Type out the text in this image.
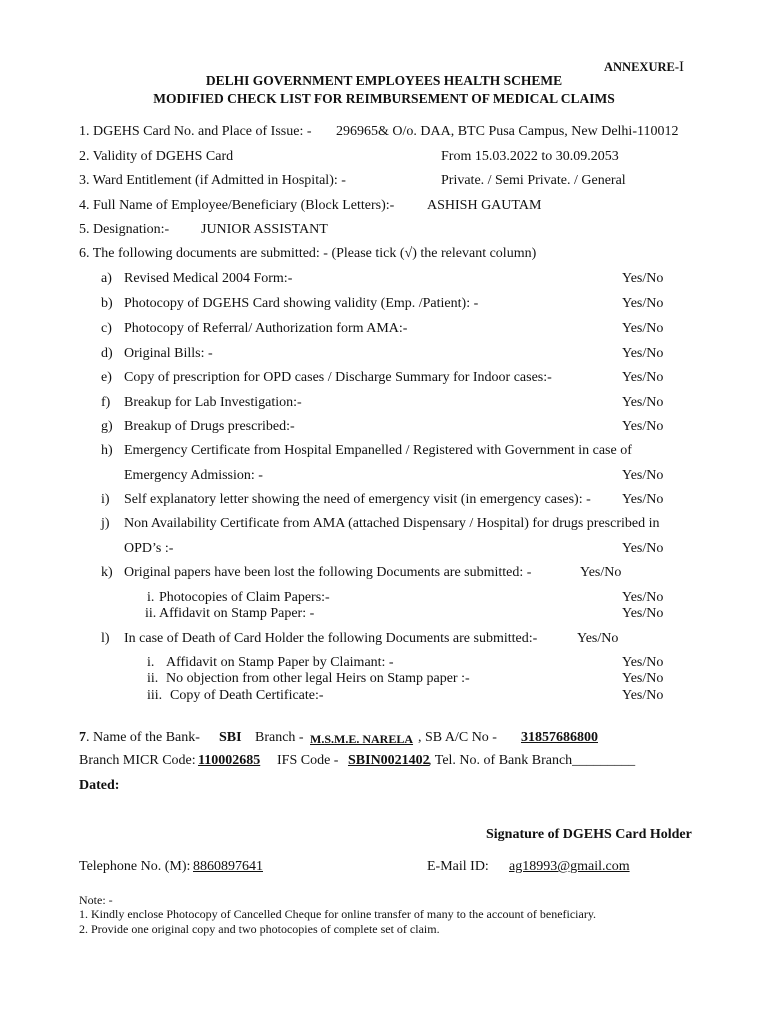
ANNEXURE-I
DELHI GOVERNMENT EMPLOYEES HEALTH SCHEME
MODIFIED CHECK LIST FOR REIMBURSEMENT OF MEDICAL CLAIMS
1. DGEHS Card No. and Place of Issue: - 296965& O/o. DAA, BTC Pusa Campus, New Delhi-110012
2. Validity of DGEHS Card	From 15.03.2022 to 30.09.2053
3. Ward Entitlement (if Admitted in Hospital): -	Private. / Semi Private. / General
4. Full Name of Employee/Beneficiary (Block Letters):- ASHISH GAUTAM
5. Designation:- JUNIOR ASSISTANT
6. The following documents are submitted: - (Please tick (√) the relevant column)
a) Revised Medical 2004 Form:-	Yes/No
b) Photocopy of DGEHS Card showing validity (Emp. /Patient): -	Yes/No
c) Photocopy of Referral/ Authorization form AMA:-	Yes/No
d) Original Bills: -	Yes/No
e) Copy of prescription for OPD cases / Discharge Summary for Indoor cases:-	Yes/No
f) Breakup for Lab Investigation:-	Yes/No
g) Breakup of Drugs prescribed:-	Yes/No
h) Emergency Certificate from Hospital Empanelled / Registered with Government in case of
Emergency Admission: -	Yes/No
i) Self explanatory letter showing the need of emergency visit (in emergency cases): - Yes/No
j) Non Availability Certificate from AMA (attached Dispensary / Hospital) for drugs prescribed in
OPD’s :-	Yes/No
k) Original papers have been lost the following Documents are submitted: -	Yes/No
i. Photocopies of Claim Papers:-	Yes/No
ii. Affidavit on Stamp Paper: -	Yes/No
l) In case of Death of Card Holder the following Documents are submitted:-	Yes/No
i. Affidavit on Stamp Paper by Claimant: -	Yes/No
ii. No objection from other legal Heirs on Stamp paper :-	Yes/No
iii. Copy of Death Certificate:-	Yes/No
7. Name of the Bank- SBI Branch - M.S.M.E. NARELA , SB A/C No - 31857686800
Branch MICR Code: 110002685 IFS Code - SBIN0021402
, Tel. No. of Bank Branch_________
Dated:
Signature of DGEHS Card Holder
Telephone No. (M): 8860897641	E-Mail ID: ag18993@gmail.com
Note: -
1. Kindly enclose Photocopy of Cancelled Cheque for online transfer of many to the account of beneficiary.
2. Provide one original copy and two photocopies of complete set of claim.
